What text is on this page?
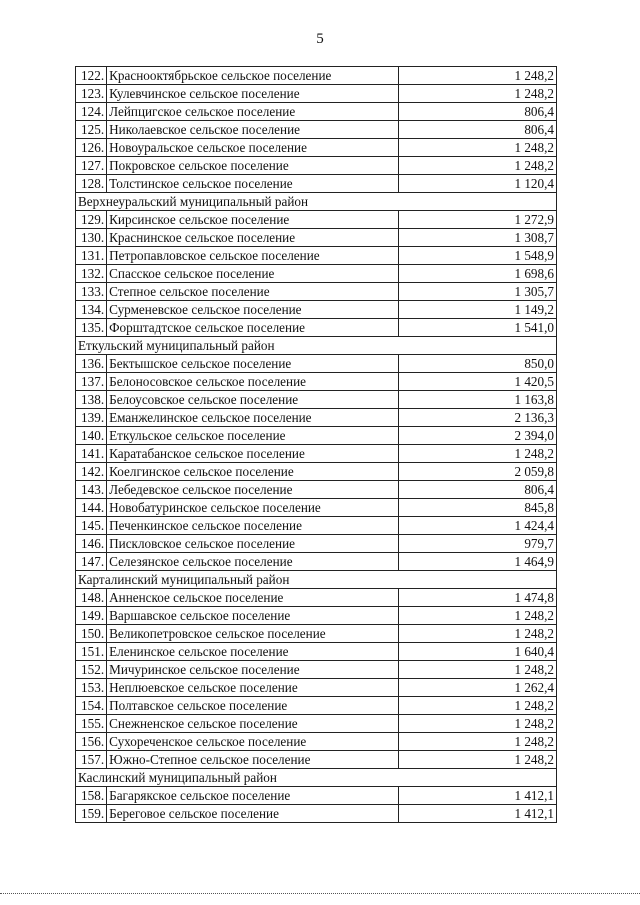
5
122.	Краснооктябрьское сельское поселение	1 248,2
123.	Кулевчинское сельское поселение	1 248,2
124.	Лейпцигское сельское поселение	806,4
125.	Николаевское сельское поселение	806,4
126.	Новоуральское сельское поселение	1 248,2
127.	Покровское сельское поселение	1 248,2
128.	Толстинское сельское поселение	1 120,4
Верхнеуральский муниципальный район		
129.	Кирсинское сельское поселение	1 272,9
130.	Краснинское сельское поселение	1 308,7
131.	Петропавловское сельское поселение	1 548,9
132.	Спасское сельское поселение	1 698,6
133.	Степное сельское поселение	1 305,7
134.	Сурменевское сельское поселение	1 149,2
135.	Форштадтское сельское поселение	1 541,0
Еткульский муниципальный район		
136.	Бектышское сельское поселение	850,0
137.	Белоносовское сельское поселение	1 420,5
138.	Белоусовское сельское поселение	1 163,8
139.	Еманжелинское сельское поселение	2 136,3
140.	Еткульское сельское поселение	2 394,0
141.	Каратабанское сельское поселение	1 248,2
142.	Коелгинское сельское поселение	2 059,8
143.	Лебедевское сельское поселение	806,4
144.	Новобатуринское сельское поселение	845,8
145.	Печенкинское сельское поселение	1 424,4
146.	Пискловское сельское поселение	979,7
147.	Селезянское сельское поселение	1 464,9
Карталинский муниципальный район		
148.	Анненское сельское поселение	1 474,8
149.	Варшавское сельское поселение	1 248,2
150.	Великопетровское сельское поселение	1 248,2
151.	Еленинское сельское поселение	1 640,4
152.	Мичуринское сельское поселение	1 248,2
153.	Неплюевское сельское поселение	1 262,4
154.	Полтавское сельское поселение	1 248,2
155.	Снежненское сельское поселение	1 248,2
156.	Сухореченское сельское поселение	1 248,2
157.	Южно-Степное сельское поселение	1 248,2
Каслинский муниципальный район		
158.	Багарякское сельское поселение	1 412,1
159.	Береговое сельское поселение	1 412,1
